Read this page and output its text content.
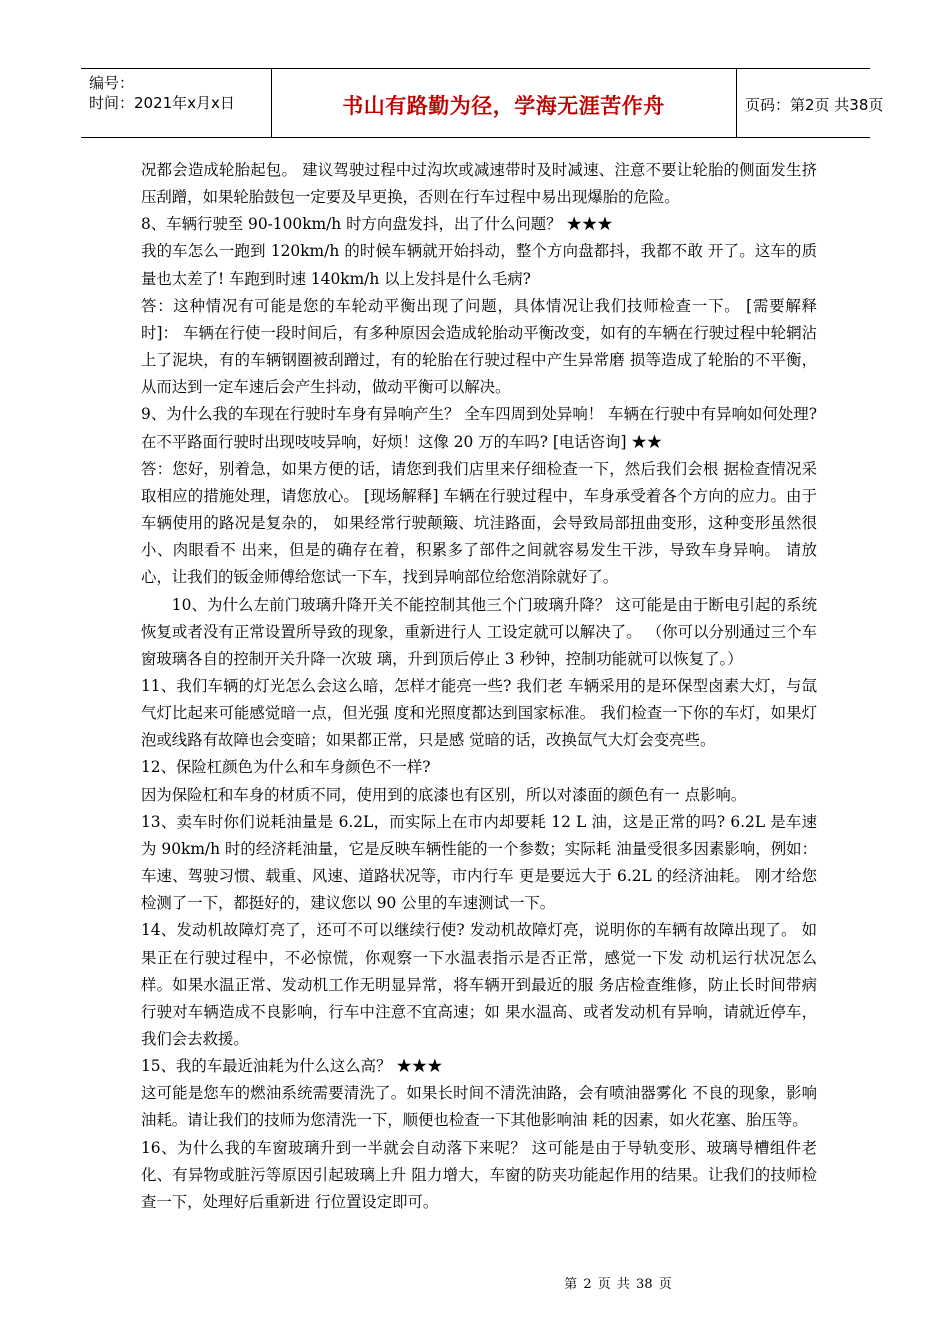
编号：
时间：2021年x月x日	书山有路勤为径，学海无涯苦作舟	页码：第2页 共38页

况都会造成轮胎起包。 建议驾驶过程中过沟坎或减速带时及时减速、注意不要让轮胎的侧面发生挤压刮蹭，如果轮胎鼓包一定要及早更换，否则在行车过程中易出现爆胎的危险。

8、车辆行驶至 90-100km/h 时方向盘发抖，出了什么问题？ ★★★

我的车怎么一跑到 120km/h 的时候车辆就开始抖动，整个方向盘都抖，我都不敢 开了。这车的质量也太差了! 车跑到时速 140km/h 以上发抖是什么毛病?

答：这种情况有可能是您的车轮动平衡出现了问题，具体情况让我们技师检查一下。 [需要解释时]： 车辆在行使一段时间后，有多种原因会造成轮胎动平衡改变，如有的车辆在行驶过程中轮辋沾上了泥块，有的车辆钢圈被刮蹭过，有的轮胎在行驶过程中产生异常磨 损等造成了轮胎的不平衡，从而达到一定车速后会产生抖动，做动平衡可以解决。

9、为什么我的车现在行驶时车身有异响产生？ 全车四周到处异响！ 车辆在行驶中有异响如何处理? 在不平路面行驶时出现吱吱异响，好烦！这像 20 万的车吗? [电话咨询] ★★

答：您好，别着急，如果方便的话，请您到我们店里来仔细检查一下，然后我们会根 据检查情况采取相应的措施处理，请您放心。 [现场解释] 车辆在行驶过程中，车身承受着各个方向的应力。由于车辆使用的路况是复杂的， 如果经常行驶颠簸、坑洼路面，会导致局部扭曲变形，这种变形虽然很小、肉眼看不 出来，但是的确存在着，积累多了部件之间就容易发生干涉，导致车身异响。 请放心，让我们的钣金师傅给您试一下车，找到异响部位给您消除就好了。

10、为什么左前门玻璃升降开关不能控制其他三个门玻璃升降？ 这可能是由于断电引起的系统恢复或者没有正常设置所导致的现象，重新进行人 工设定就可以解决了。 （你可以分别通过三个车窗玻璃各自的控制开关升降一次玻 璃，升到顶后停止 3 秒钟，控制功能就可以恢复了。）

11、我们车辆的灯光怎么会这么暗，怎样才能亮一些? 我们老 车辆采用的是环保型卤素大灯，与氙气灯比起来可能感觉暗一点，但光强 度和光照度都达到国家标准。 我们检查一下你的车灯，如果灯泡或线路有故障也会变暗；如果都正常，只是感 觉暗的话，改换氙气大灯会变亮些。

12、保险杠颜色为什么和车身颜色不一样?

因为保险杠和车身的材质不同，使用到的底漆也有区别，所以对漆面的颜色有一 点影响。

13、卖车时你们说耗油量是 6.2L，而实际上在市内却要耗 12 L 油，这是正常的吗? 6.2L 是车速为 90km/h 时的经济耗油量，它是反映车辆性能的一个参数；实际耗 油量受很多因素影响，例如：车速、驾驶习惯、载重、风速、道路状况等，市内行车 更是要远大于 6.2L 的经济油耗。 刚才给您检测了一下，都挺好的，建议您以 90 公里的车速测试一下。

14、发动机故障灯亮了，还可不可以继续行使? 发动机故障灯亮，说明你的车辆有故障出现了。 如果正在行驶过程中，不必惊慌，你观察一下水温表指示是否正常，感觉一下发 动机运行状况怎么样。如果水温正常、发动机工作无明显异常，将车辆开到最近的服 务店检查维修，防止长时间带病行驶对车辆造成不良影响，行车中注意不宜高速；如 果水温高、或者发动机有异响，请就近停车，我们会去救援。

15、我的车最近油耗为什么这么高？ ★★★

这可能是您车的燃油系统需要清洗了。如果长时间不清洗油路，会有喷油器雾化 不良的现象，影响油耗。请让我们的技师为您清洗一下，顺便也检查一下其他影响油 耗的因素，如火花塞、胎压等。

16、为什么我的车窗玻璃升到一半就会自动落下来呢？ 这可能是由于导轨变形、玻璃导槽组件老化、有异物或脏污等原因引起玻璃上升 阻力增大，车窗的防夹功能起作用的结果。让我们的技师检查一下，处理好后重新进 行位置设定即可。

第 2 页 共 38 页
